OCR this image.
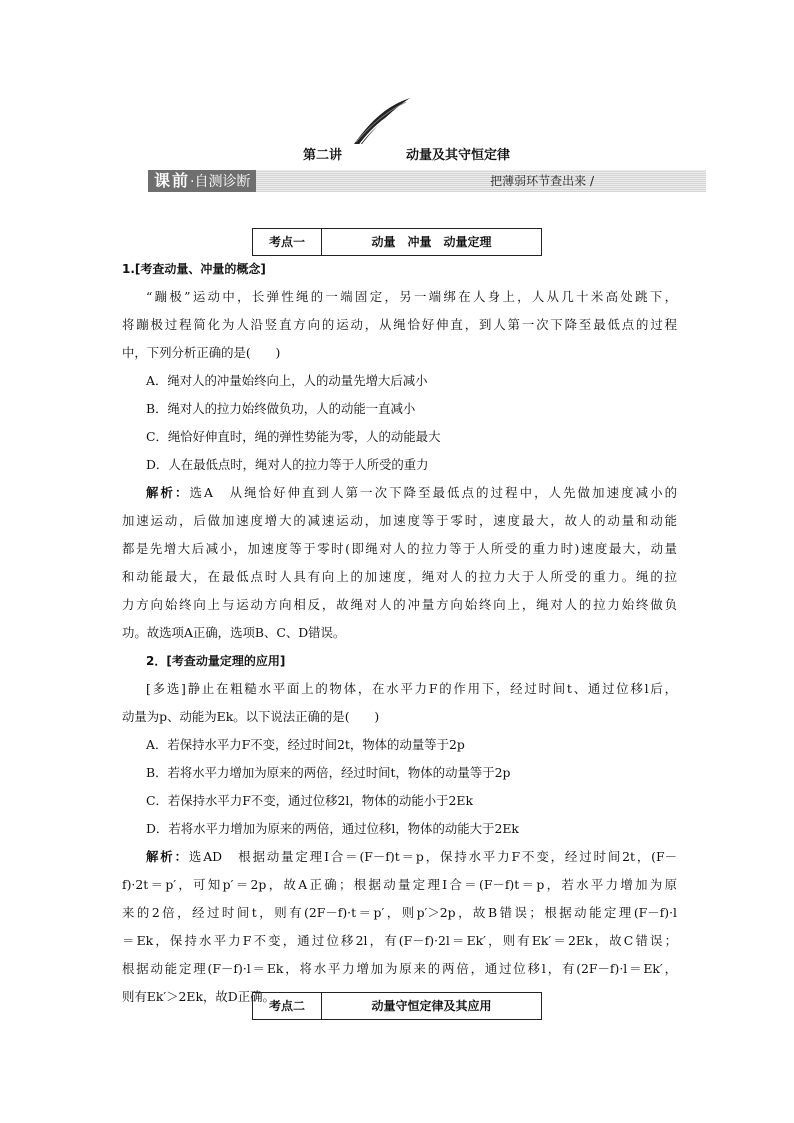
第二讲	动量及其守恒定律
课前·自测诊断	把薄弱环节查出来 /
考点一	动量　冲量　动量定理
1.[考查动量、冲量的概念]
“蹦极”运动中，长弹性绳的一端固定，另一端绑在人身上，人从几十米高处跳下，
将蹦极过程简化为人沿竖直方向的运动，从绳恰好伸直，到人第一次下降至最低点的过程
中，下列分析正确的是(　　)
A．绳对人的冲量始终向上，人的动量先增大后减小
B．绳对人的拉力始终做负功，人的动能一直减小
C．绳恰好伸直时，绳的弹性势能为零，人的动能最大
D．人在最低点时，绳对人的拉力等于人所受的重力
解析：选A　从绳恰好伸直到人第一次下降至最低点的过程中，人先做加速度减小的
加速运动，后做加速度增大的减速运动，加速度等于零时，速度最大，故人的动量和动能
都是先增大后减小，加速度等于零时(即绳对人的拉力等于人所受的重力时)速度最大，动量
和动能最大，在最低点时人具有向上的加速度，绳对人的拉力大于人所受的重力。绳的拉
力方向始终向上与运动方向相反，故绳对人的冲量方向始终向上，绳对人的拉力始终做负
功。故选项A正确，选项B、C、D错误。
2．[考查动量定理的应用]
[多选]静止在粗糙水平面上的物体，在水平力F的作用下，经过时间t、通过位移l后，
动量为p、动能为Ek。以下说法正确的是(　　)
A．若保持水平力F不变，经过时间2t，物体的动量等于2p
B．若将水平力增加为原来的两倍，经过时间t，物体的动量等于2p
C．若保持水平力F不变，通过位移2l，物体的动能小于2Ek
D．若将水平力增加为原来的两倍，通过位移l，物体的动能大于2Ek
解析：选AD　根据动量定理I合＝(F－f)t＝p，保持水平力F不变，经过时间2t，(F－
f)·2t＝p′，可知p′＝2p，故A正确；根据动量定理I合＝(F－f)t＝p，若水平力增加为原
来的2倍，经过时间t，则有(2F－f)·t＝p′，则p′＞2p，故B错误；根据动能定理(F－f)·l
＝Ek，保持水平力F不变，通过位移2l，有(F－f)·2l＝Ek′，则有Ek′＝2Ek，故C错误；
根据动能定理(F－f)·l＝Ek，将水平力增加为原来的两倍，通过位移l，有(2F－f)·l＝Ek′，
则有Ek′＞2Ek，故D正确。
考点二	动量守恒定律及其应用
